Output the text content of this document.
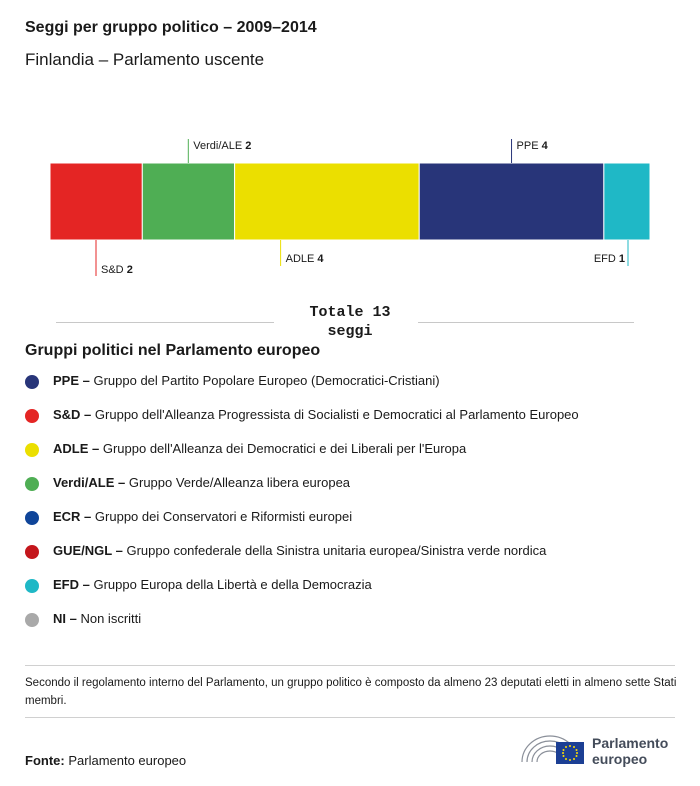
Seggi per gruppo politico – 2009–2014

Finlandia – Parlamento uscente

S&D 2
Verdi/ALE 2
ADLE 4
PPE 4
EFD 1
Totale 13
seggi
Gruppi politici nel Parlamento europeo
PPE – Gruppo del Partito Popolare Europeo (Democratici-Cristiani)
S&D – Gruppo dell'Alleanza Progressista di Socialisti e Democratici al Parlamento Europeo
ADLE – Gruppo dell'Alleanza dei Democratici e dei Liberali per l'Europa
Verdi/ALE – Gruppo Verde/Alleanza libera europea
ECR – Gruppo dei Conservatori e Riformisti europei
GUE/NGL – Gruppo confederale della Sinistra unitaria europea/Sinistra verde nordica
EFD – Gruppo Europa della Libertà e della Democrazia
NI – Non iscritti

Secondo il regolamento interno del Parlamento, un gruppo politico è composto da almeno 23 deputati eletti in almeno sette Stati membri.

Fonte: Parlamento europeo
Parlamento
europeo
